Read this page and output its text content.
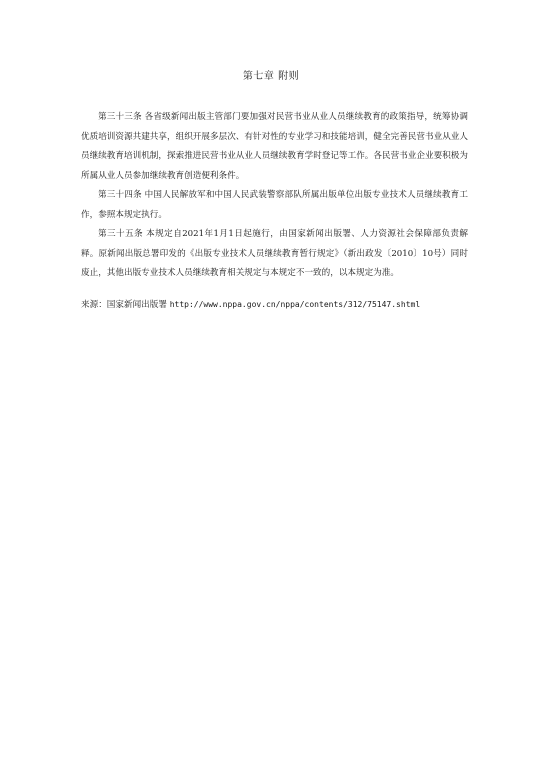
第七章 附则

第三十三条 各省级新闻出版主管部门要加强对民营书业从业人员继续教育的政策指导，统筹协调优质培训资源共建共享，组织开展多层次、有针对性的专业学习和技能培训，健全完善民营书业从业人员继续教育培训机制，探索推进民营书业从业人员继续教育学时登记等工作。各民营书业企业要积极为所属从业人员参加继续教育创造便利条件。

第三十四条 中国人民解放军和中国人民武装警察部队所属出版单位出版专业技术人员继续教育工作，参照本规定执行。

第三十五条 本规定自2021年1月1日起施行，由国家新闻出版署、人力资源社会保障部负责解释。原新闻出版总署印发的《出版专业技术人员继续教育暂行规定》（新出政发〔2010〕10号）同时废止，其他出版专业技术人员继续教育相关规定与本规定不一致的，以本规定为准。

来源：国家新闻出版署 http://www.nppa.gov.cn/nppa/contents/312/75147.shtml
